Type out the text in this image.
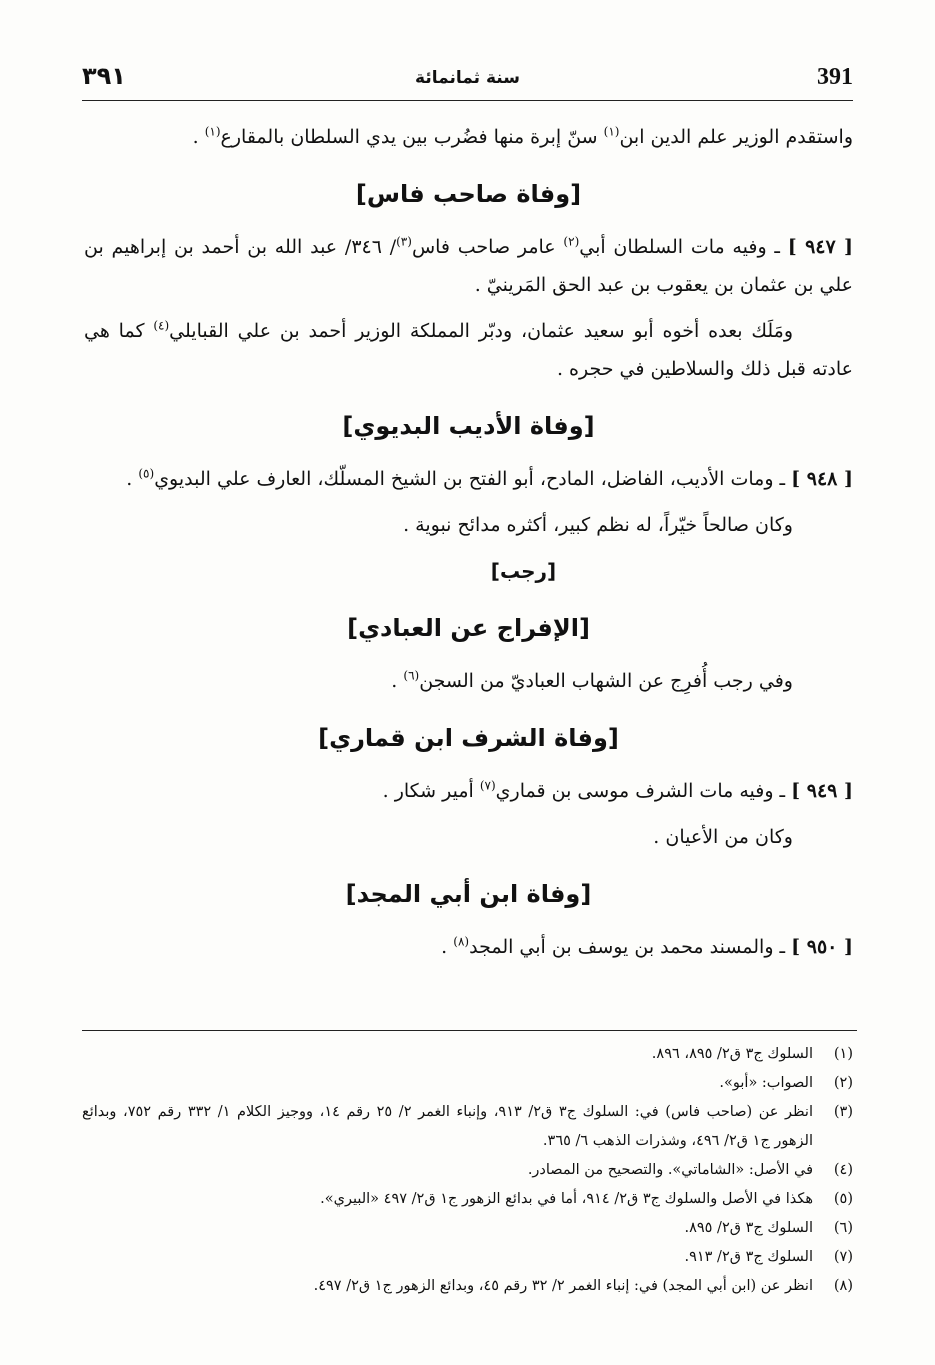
391
سنة ثمانمائة
٣٩١

واستقدم الوزير علم الدين ابن$^{(١)}$ سنّ إبرة منها فضُرب بين يدي السلطان بالمقارع$^{(١)}$ .

[وفاة صاحب فاس]

[ ٩٤٧ ] ـ وفيه مات السلطان أبي$^{(٢)}$ عامر صاحب فاس$^{(٣)}$/ ٣٤٦/ عبد الله بن أحمد بن إبراهيم بن علي بن عثمان بن يعقوب بن عبد الحق المَرينيّ .

ومَلَك بعده أخوه أبو سعيد عثمان، ودبّر المملكة الوزير أحمد بن علي القبايلي$^{(٤)}$ كما هي عادته قبل ذلك والسلاطين في حجره .

[وفاة الأديب البديوي]

[ ٩٤٨ ] ـ ومات الأديب، الفاضل، المادح، أبو الفتح بن الشيخ المسلّك، العارف علي البديوي$^{(٥)}$ .

وكان صالحاً خيّراً، له نظم كبير، أكثره مدائح نبوية .

[رجب]
[الإفراج عن العبادي]

وفي رجب أُفرِج عن الشهاب العباديّ من السجن$^{(٦)}$ .

[وفاة الشرف ابن قماري]

[ ٩٤٩ ] ـ وفيه مات الشرف موسى بن قماري$^{(٧)}$ أمير شكار .

وكان من الأعيان .

[وفاة ابن أبي المجد]

[ ٩٥٠ ] ـ والمسند محمد بن يوسف بن أبي المجد$^{(٨)}$ .

(١)
السلوك ج٣ ق٢/ ٨٩٥، ٨٩٦.
(٢)
الصواب: «أبو».
(٣)
انظر عن (صاحب فاس) في: السلوك ج٣ ق٢/ ٩١٣، وإنباء الغمر ٢/ ٢٥ رقم ١٤، ووجيز الكلام ١/ ٣٣٢ رقم ٧٥٢، وبدائع الزهور ج١ ق٢/ ٤٩٦، وشذرات الذهب ٦/ ٣٦٥.
(٤)
في الأصل: «الشاماتي». والتصحيح من المصادر.
(٥)
هكذا في الأصل والسلوك ج٣ ق٢/ ٩١٤، أما في بدائع الزهور ج١ ق٢/ ٤٩٧ «البيري».
(٦)
السلوك ج٣ ق٢/ ٨٩٥.
(٧)
السلوك ج٣ ق٢/ ٩١٣.
(٨)
انظر عن (ابن أبي المجد) في: إنباء الغمر ٢/ ٣٢ رقم ٤٥، وبدائع الزهور ج١ ق٢/ ٤٩٧.
